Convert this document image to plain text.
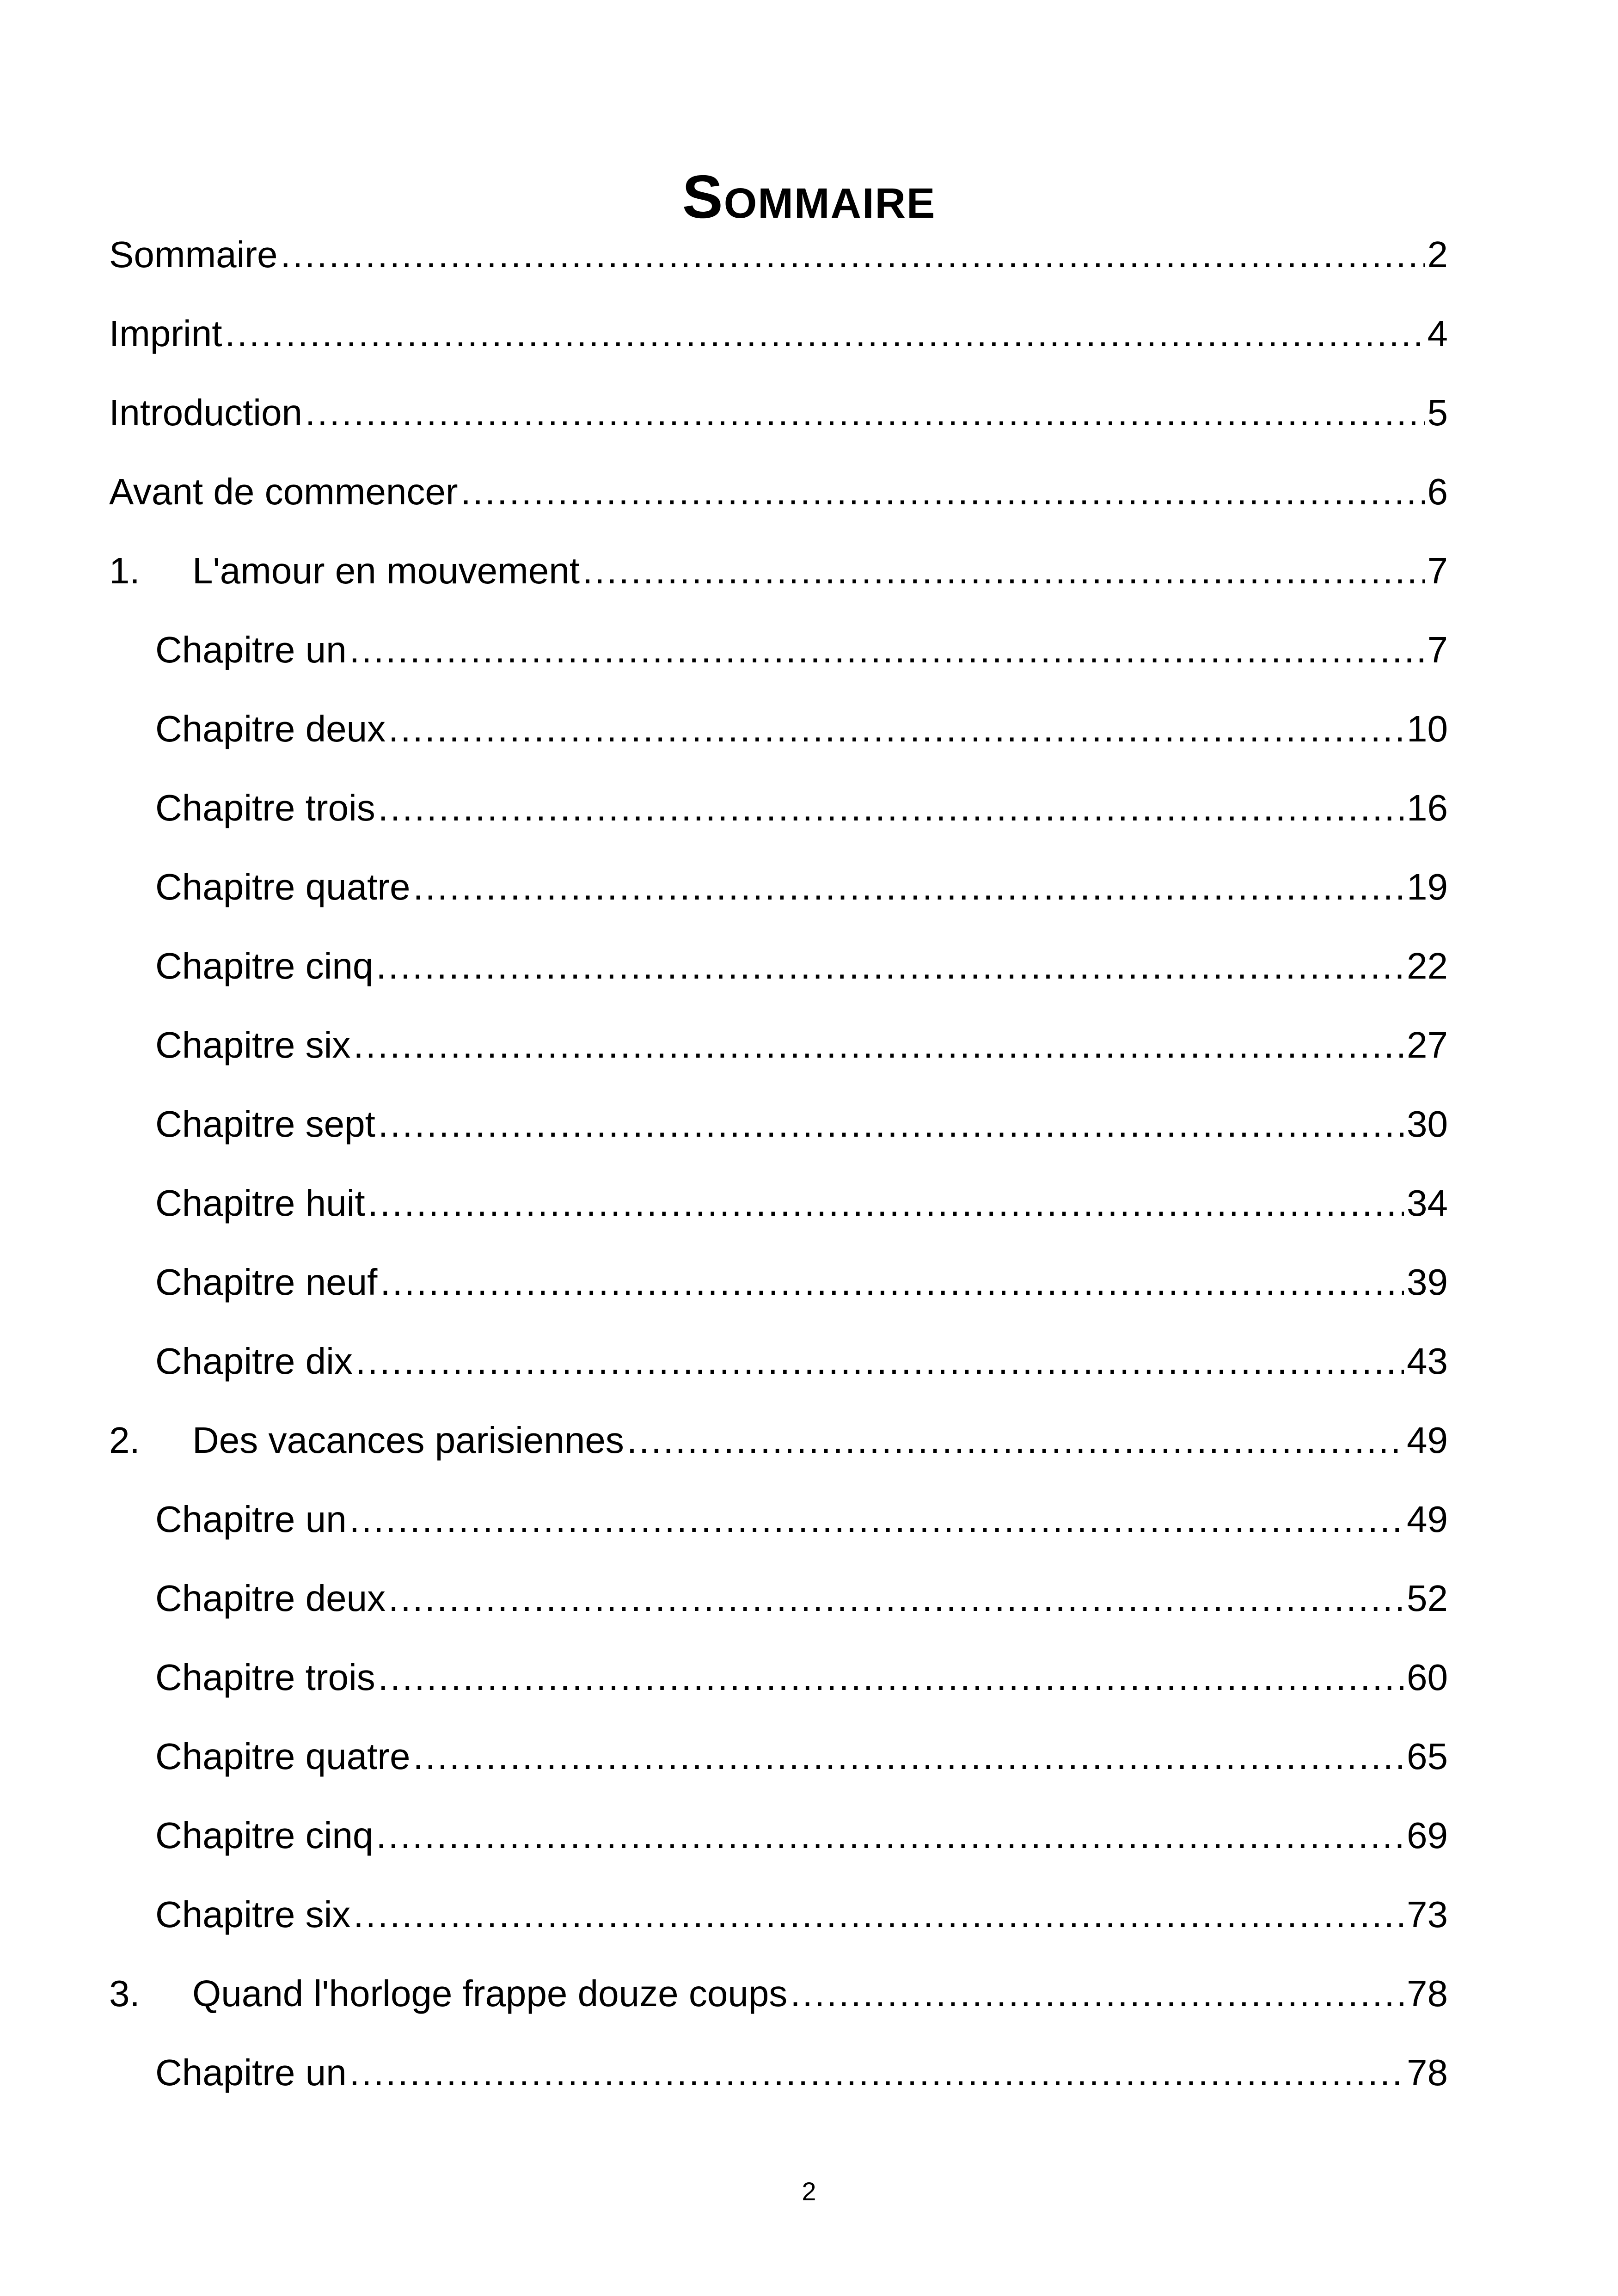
Sommaire
Sommaire .....	2
Imprint .....	4
Introduction .....	5
Avant de commencer .....	6
1.	L'amour en mouvement .....	7
Chapitre un .....	7
Chapitre deux .....	10
Chapitre trois .....	16
Chapitre quatre .....	19
Chapitre cinq .....	22
Chapitre six .....	27
Chapitre sept .....	30
Chapitre huit .....	34
Chapitre neuf .....	39
Chapitre dix .....	43
2.	Des vacances parisiennes .....	49
Chapitre un .....	49
Chapitre deux .....	52
Chapitre trois .....	60
Chapitre quatre .....	65
Chapitre cinq .....	69
Chapitre six .....	73
3.	Quand l'horloge frappe douze coups .....	78
Chapitre un .....	78
2
